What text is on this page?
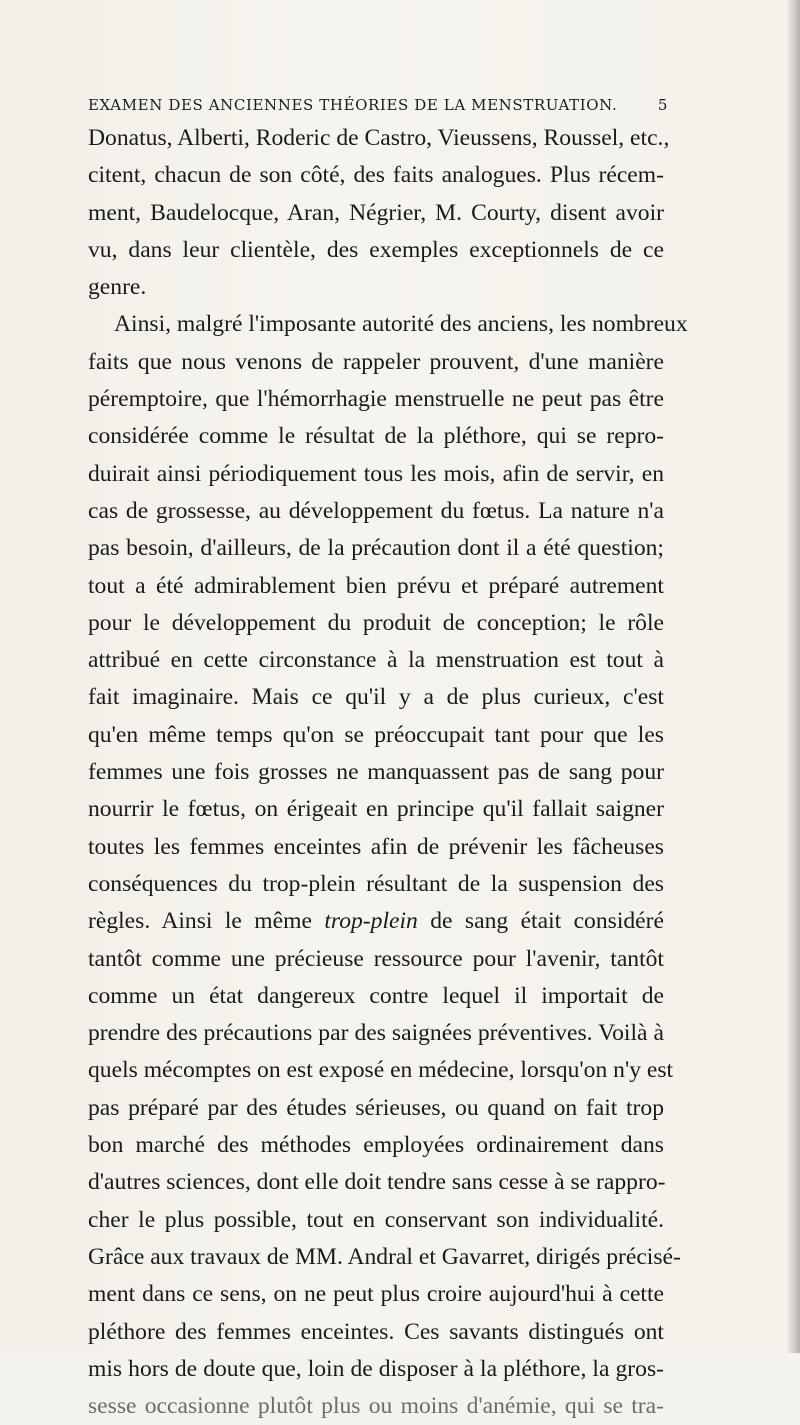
EXAMEN DES ANCIENNES THÉORIES DE LA MENSTRUATION.	5
Donatus, Alberti, Roderic de Castro, Vieussens, Roussel, etc.,
citent, chacun de son côté, des faits analogues. Plus récem-
ment, Baudelocque, Aran, Négrier, M. Courty, disent avoir
vu, dans leur clientèle, des exemples exceptionnels de ce
genre.
Ainsi, malgré l'imposante autorité des anciens, les nombreux
faits que nous venons de rappeler prouvent, d'une manière
péremptoire, que l'hémorrhagie menstruelle ne peut pas être
considérée comme le résultat de la pléthore, qui se repro-
duirait ainsi périodiquement tous les mois, afin de servir, en
cas de grossesse, au développement du fœtus. La nature n'a
pas besoin, d'ailleurs, de la précaution dont il a été question;
tout a été admirablement bien prévu et préparé autrement
pour le développement du produit de conception; le rôle
attribué en cette circonstance à la menstruation est tout à
fait imaginaire. Mais ce qu'il y a de plus curieux, c'est
qu'en même temps qu'on se préoccupait tant pour que les
femmes une fois grosses ne manquassent pas de sang pour
nourrir le fœtus, on érigeait en principe qu'il fallait saigner
toutes les femmes enceintes afin de prévenir les fâcheuses
conséquences du trop-plein résultant de la suspension des
règles. Ainsi le même trop-plein de sang était considéré
tantôt comme une précieuse ressource pour l'avenir, tantôt
comme un état dangereux contre lequel il importait de
prendre des précautions par des saignées préventives. Voilà à
quels mécomptes on est exposé en médecine, lorsqu'on n'y est
pas préparé par des études sérieuses, ou quand on fait trop
bon marché des méthodes employées ordinairement dans
d'autres sciences, dont elle doit tendre sans cesse à se rappro-
cher le plus possible, tout en conservant son individualité.
Grâce aux travaux de MM. Andral et Gavarret, dirigés précisé-
ment dans ce sens, on ne peut plus croire aujourd'hui à cette
pléthore des femmes enceintes. Ces savants distingués ont
mis hors de doute que, loin de disposer à la pléthore, la gros-
sesse occasionne plutôt plus ou moins d'anémie, qui se tra-
